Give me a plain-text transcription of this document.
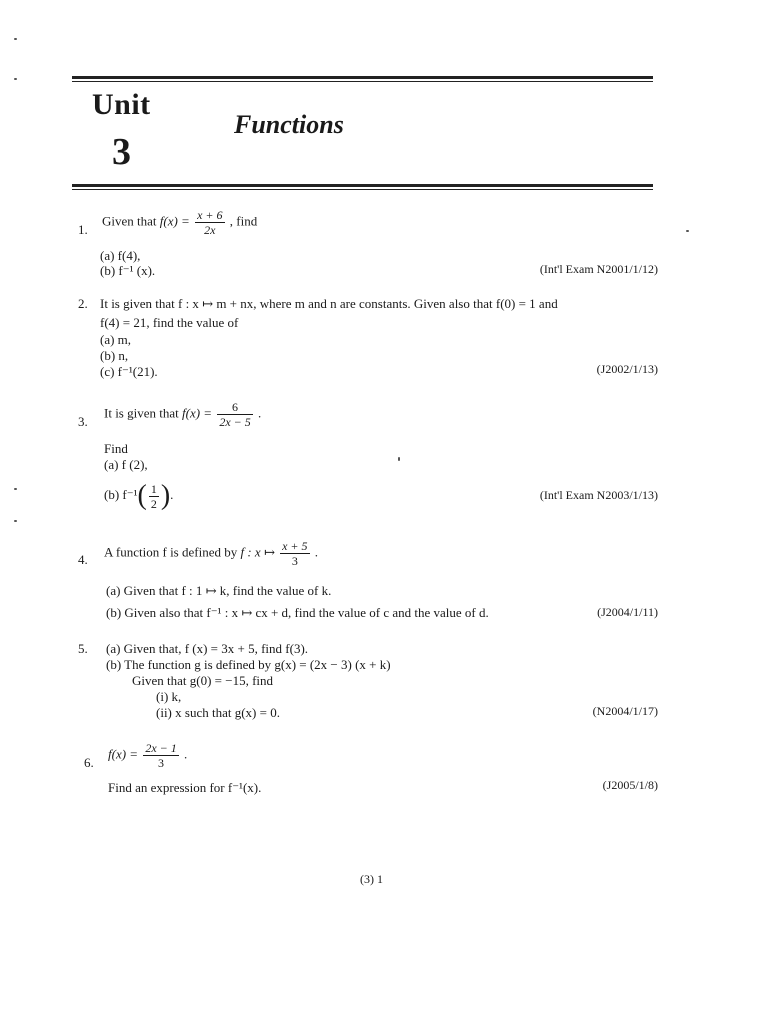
Unit
3
Functions
1.
Given that $f(x) = \frac{x + 6}{2x}$ , find
(a) f(4),
(b) f⁻¹ (x).	(Int'l Exam N2001/1/12)
2. It is given that f : x ↦ m + nx, where m and n are constants. Given also that f(0) = 1 and
f(4) = 21, find the value of
(a) m,
(b) n,
(c) f⁻¹(21).	(J2002/1/13)
3.
It is given that $f(x) = \frac{6}{2x - 5}$ .
Find
(a) f (2),
(b) $f^{-1}( \frac{1}{2}$ ).	(Int'l Exam N2003/1/13)
4.
A function f is defined by f : x ↦ $\frac{x + 5}{3}$ .
(a) Given that f : 1 ↦ k, find the value of k.
(b) Given also that f⁻¹ : x ↦ cx + d, find the value of c and the value of d.	(J2004/1/11)
5. (a) Given that, f (x) = 3x + 5, find f(3).
(b) The function g is defined by g(x) = (2x − 3) (x + k)
Given that g(0) = −15, find
(i) k,
(ii) x such that g(x) = 0.	(N2004/1/17)
6.
$f(x) = \frac{2x - 1}{3}$ .
Find an expression for f⁻¹(x).	(J2005/1/8)
(3) 1
